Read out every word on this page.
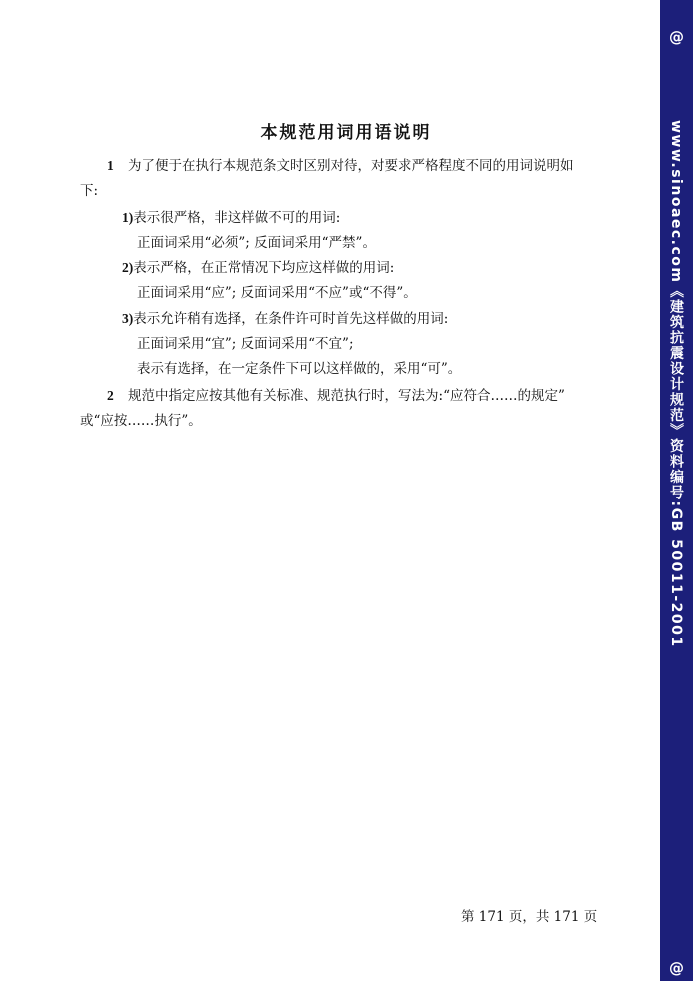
本规范用词用语说明
1 为了便于在执行本规范条文时区别对待，对要求严格程度不同的用词说明如
下:
1)表示很严格，非这样做不可的用词:
正面词采用“必须”; 反面词采用“严禁”。
2)表示严格，在正常情况下均应这样做的用词:
正面词采用“应”; 反面词采用“不应”或“不得”。
3)表示允许稍有选择，在条件许可时首先这样做的用词:
正面词采用“宜”; 反面词采用“不宜”;
表示有选择，在一定条件下可以这样做的，采用“可”。
2 规范中指定应按其他有关标准、规范执行时，写法为:“应符合……的规定”
或“应按……执行”。
第 171 页，共 171 页
@
www.sinoaec.com《建筑抗震设计规范》资料编号:GB 50011-2001
@
